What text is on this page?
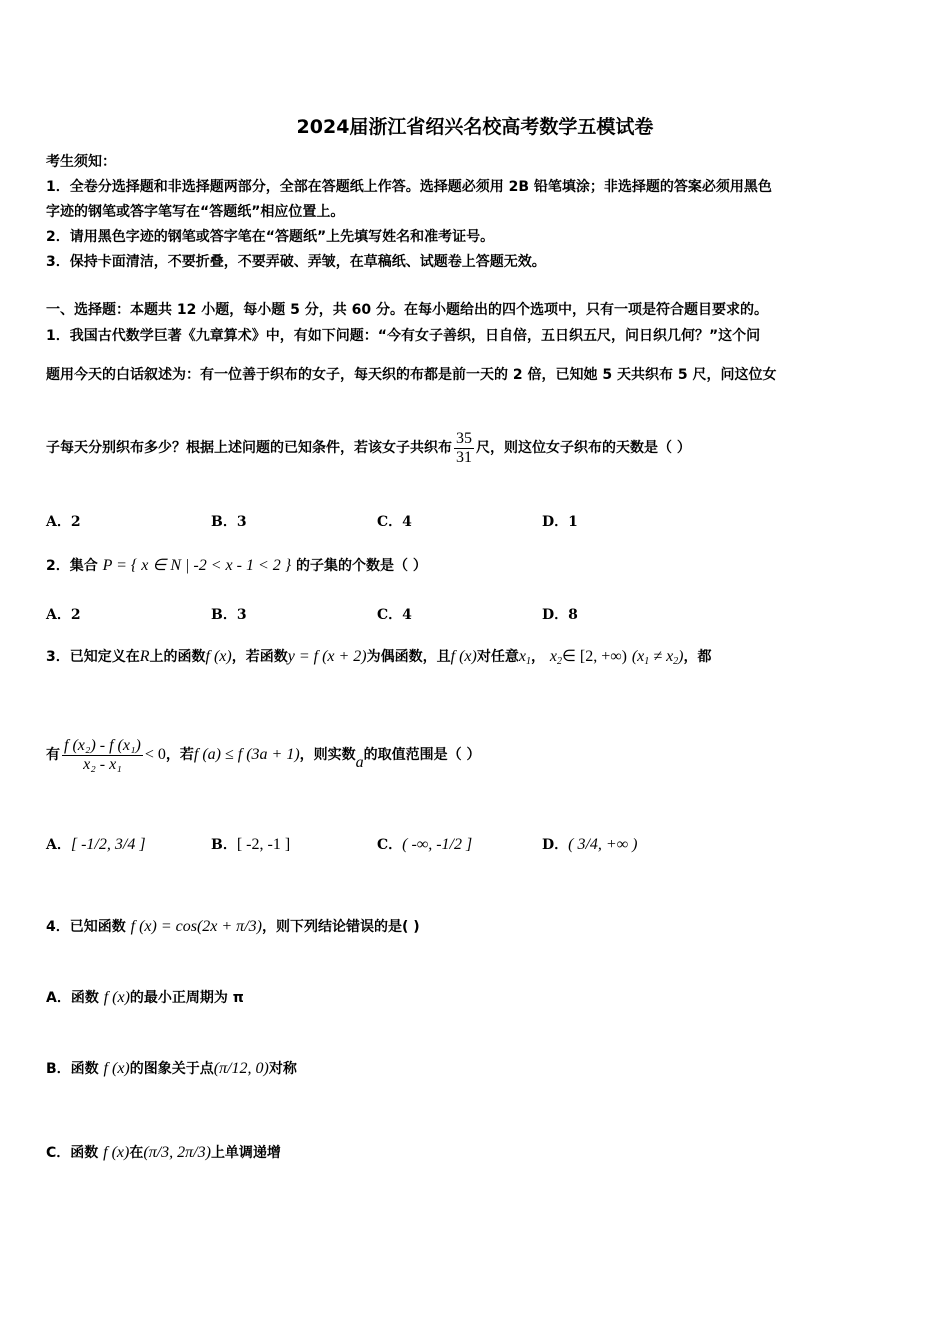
2024届浙江省绍兴名校高考数学五模试卷
考生须知：
1．全卷分选择题和非选择题两部分，全部在答题纸上作答。选择题必须用 2B 铅笔填涂；非选择题的答案必须用黑色
字迹的钢笔或答字笔写在“答题纸”相应位置上。
2．请用黑色字迹的钢笔或答字笔在“答题纸”上先填写姓名和准考证号。
3．保持卡面清洁，不要折叠，不要弄破、弄皱，在草稿纸、试题卷上答题无效。
一、选择题：本题共 12 小题，每小题 5 分，共 60 分。在每小题给出的四个选项中，只有一项是符合题目要求的。
1．我国古代数学巨著《九章算术》中，有如下问题：“今有女子善织，日自倍，五日织五尺，问日织几何？”这个问
题用今天的白话叙述为：有一位善于织布的女子，每天织的布都是前一天的 2 倍，已知她 5 天共织布 5 尺，问这位女
子每天分别织布多少？根据上述问题的已知条件，若该女子共织布 $\frac{35}{31}$ 尺，则这位女子织布的天数是（ ）
A．2	B．3	C．4	D．1
2．集合 P = { x ∈ N | -2 < x - 1 < 2 } 的子集的个数是（ ）
A．2	B．3	C．4	D．8
3．已知定义在R上的函数f (x)，若函数y = f (x + 2)为偶函数，且f (x)对任意$x_1$， $x_2\in$ [2, +∞) $(x_1 \ne x_2)$，都
有 $\frac{\text{f (x₂) - f (x₁)}}{\text{x₂ - x₁}} < 0$，若f (a) ≤ f (3a + 1)，则实数a的取值范围是（ ）
A．[ -1/2, 3/4 ]	B．[ -2, -1 ]	C．( -∞, -1/2 ]	D．( 3/4, +∞ )
4．已知函数 f (x) = cos(2x + π/3)，则下列结论错误的是( )
A．函数 f (x)的最小正周期为 π
B．函数 f (x)的图象关于点(π/12, 0)对称
C．函数 f (x)在(π/3, 2π/3)上单调递增
